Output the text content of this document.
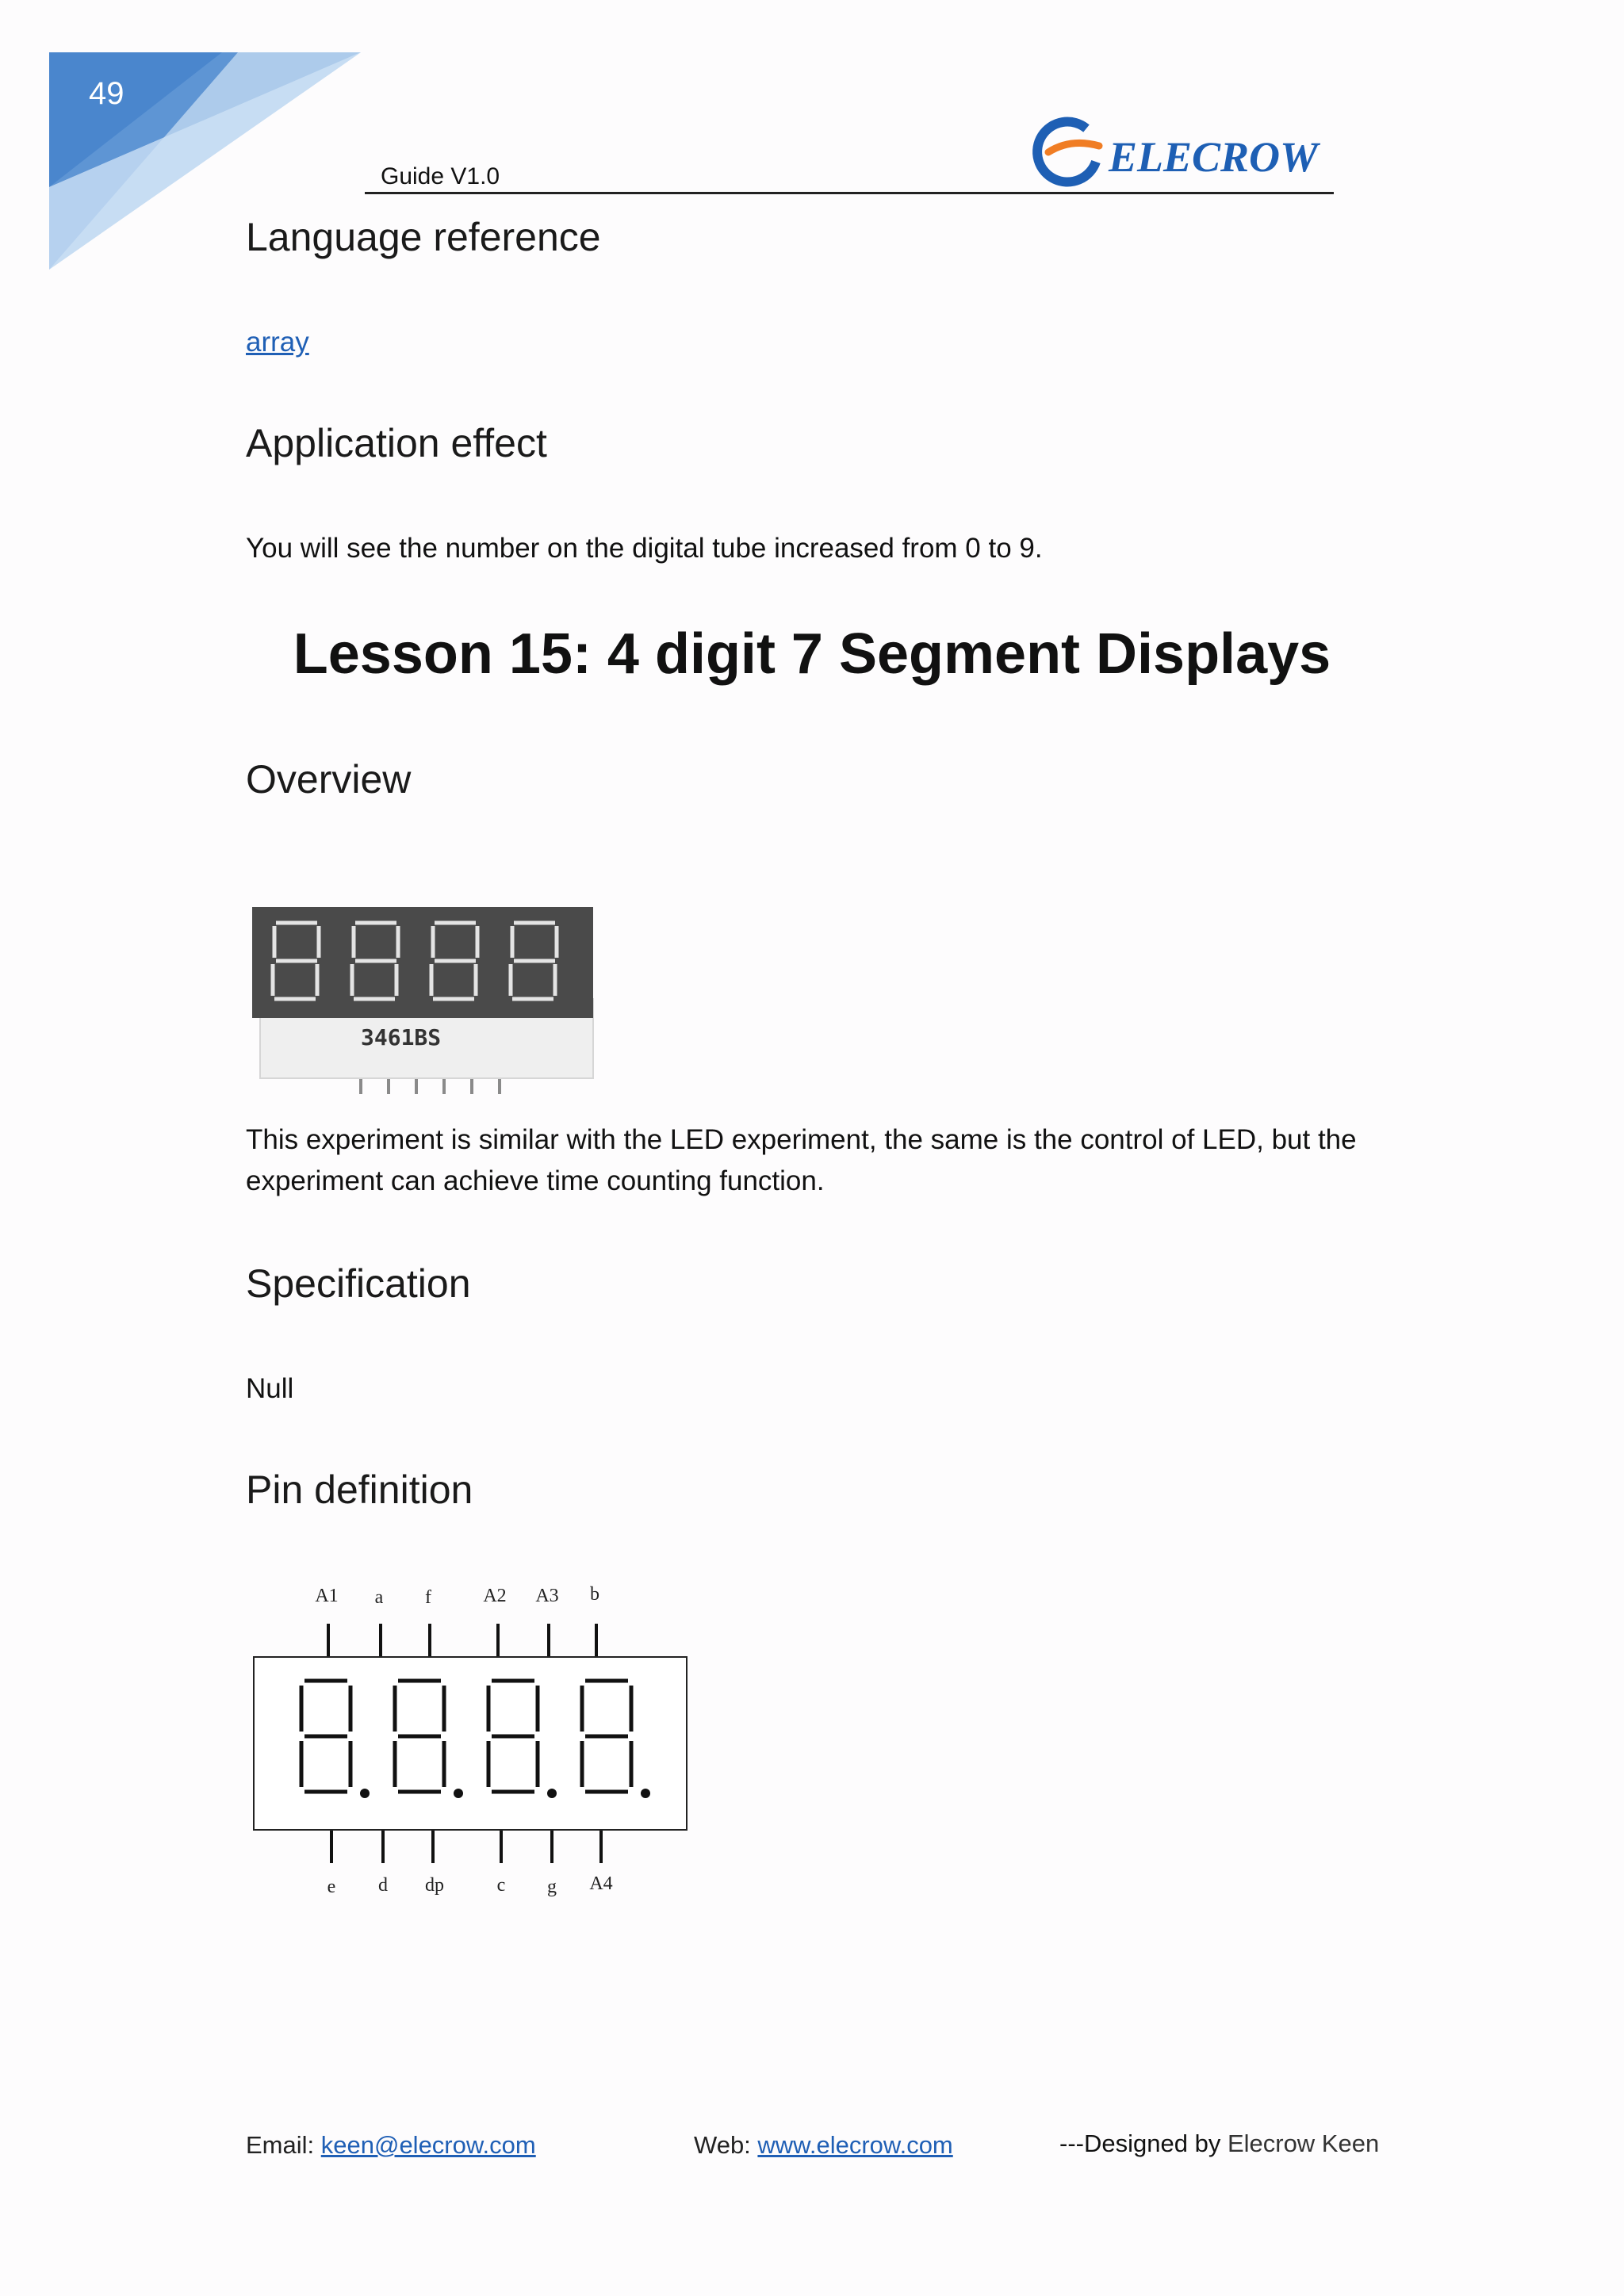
49
Guide V1.0	ELECROW
Language reference
array
Application effect
You will see the number on the digital tube increased from 0 to 9.
Lesson 15: 4 digit 7 Segment Displays
Overview
3461BS
This experiment is similar with the LED experiment, the same is the control of LED, but the
experiment can achieve time counting function.
Specification
Null
Pin definition
A1 a f	A2 A3 b
e d dp	c g A4
Email: keen@elecrow.com	Web: www.elecrow.com	---Designed by Elecrow Keen
